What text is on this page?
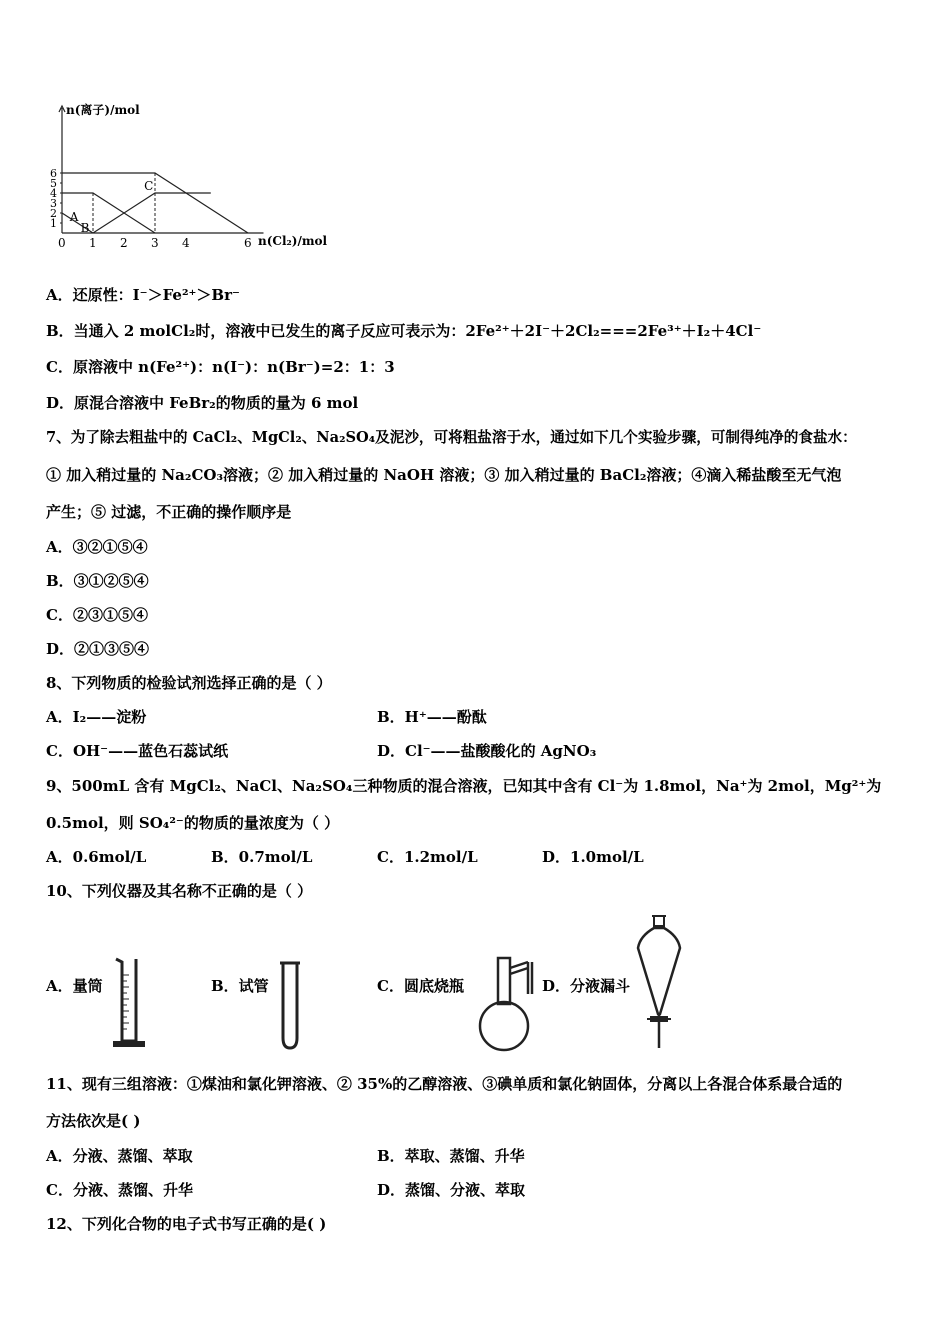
n(离子)/mol
n(Cl₂)/mol
0 1 2 3 4	6
1
2
3
4
5
6
A
B
C
A．还原性：I⁻＞Fe²⁺＞Br⁻
B．当通入 2 molCl₂时，溶液中已发生的离子反应可表示为：2Fe²⁺＋2I⁻＋2Cl₂===2Fe³⁺＋I₂＋4Cl⁻
C．原溶液中 n(Fe²⁺)：n(I⁻)：n(Br⁻)=2：1：3
D．原混合溶液中 FeBr₂的物质的量为 6 mol
7、为了除去粗盐中的 CaCl₂、MgCl₂、Na₂SO₄及泥沙，可将粗盐溶于水，通过如下几个实验步骤，可制得纯净的食盐水：
① 加入稍过量的 Na₂CO₃溶液；② 加入稍过量的 NaOH 溶液；③ 加入稍过量的 BaCl₂溶液；④滴入稀盐酸至无气泡
产生；⑤ 过滤，不正确的操作顺序是
A．③②①⑤④
B．③①②⑤④
C．②③①⑤④
D．②①③⑤④
8、下列物质的检验试剂选择正确的是（ ）
A．I₂——淀粉	B．H⁺——酚酞
C．OH⁻——蓝色石蕊试纸	D．Cl⁻——盐酸酸化的 AgNO₃
9、500mL 含有 MgCl₂、NaCl、Na₂SO₄三种物质的混合溶液，已知其中含有 Cl⁻为 1.8mol，Na⁺为 2mol，Mg²⁺为
0.5mol，则 SO₄²⁻的物质的量浓度为（ ）
A．0.6mol/L	B．0.7mol/L	C．1.2mol/L	D．1.0mol/L
10、下列仪器及其名称不正确的是（ ）
A．量筒	B．试管	C．圆底烧瓶	D．分液漏斗
11、现有三组溶液：①煤油和氯化钾溶液、② 35%的乙醇溶液、③碘单质和氯化钠固体，分离以上各混合体系最合适的
方法依次是( )
A．分液、蒸馏、萃取	B．萃取、蒸馏、升华
C．分液、蒸馏、升华	D．蒸馏、分液、萃取
12、下列化合物的电子式书写正确的是( )
